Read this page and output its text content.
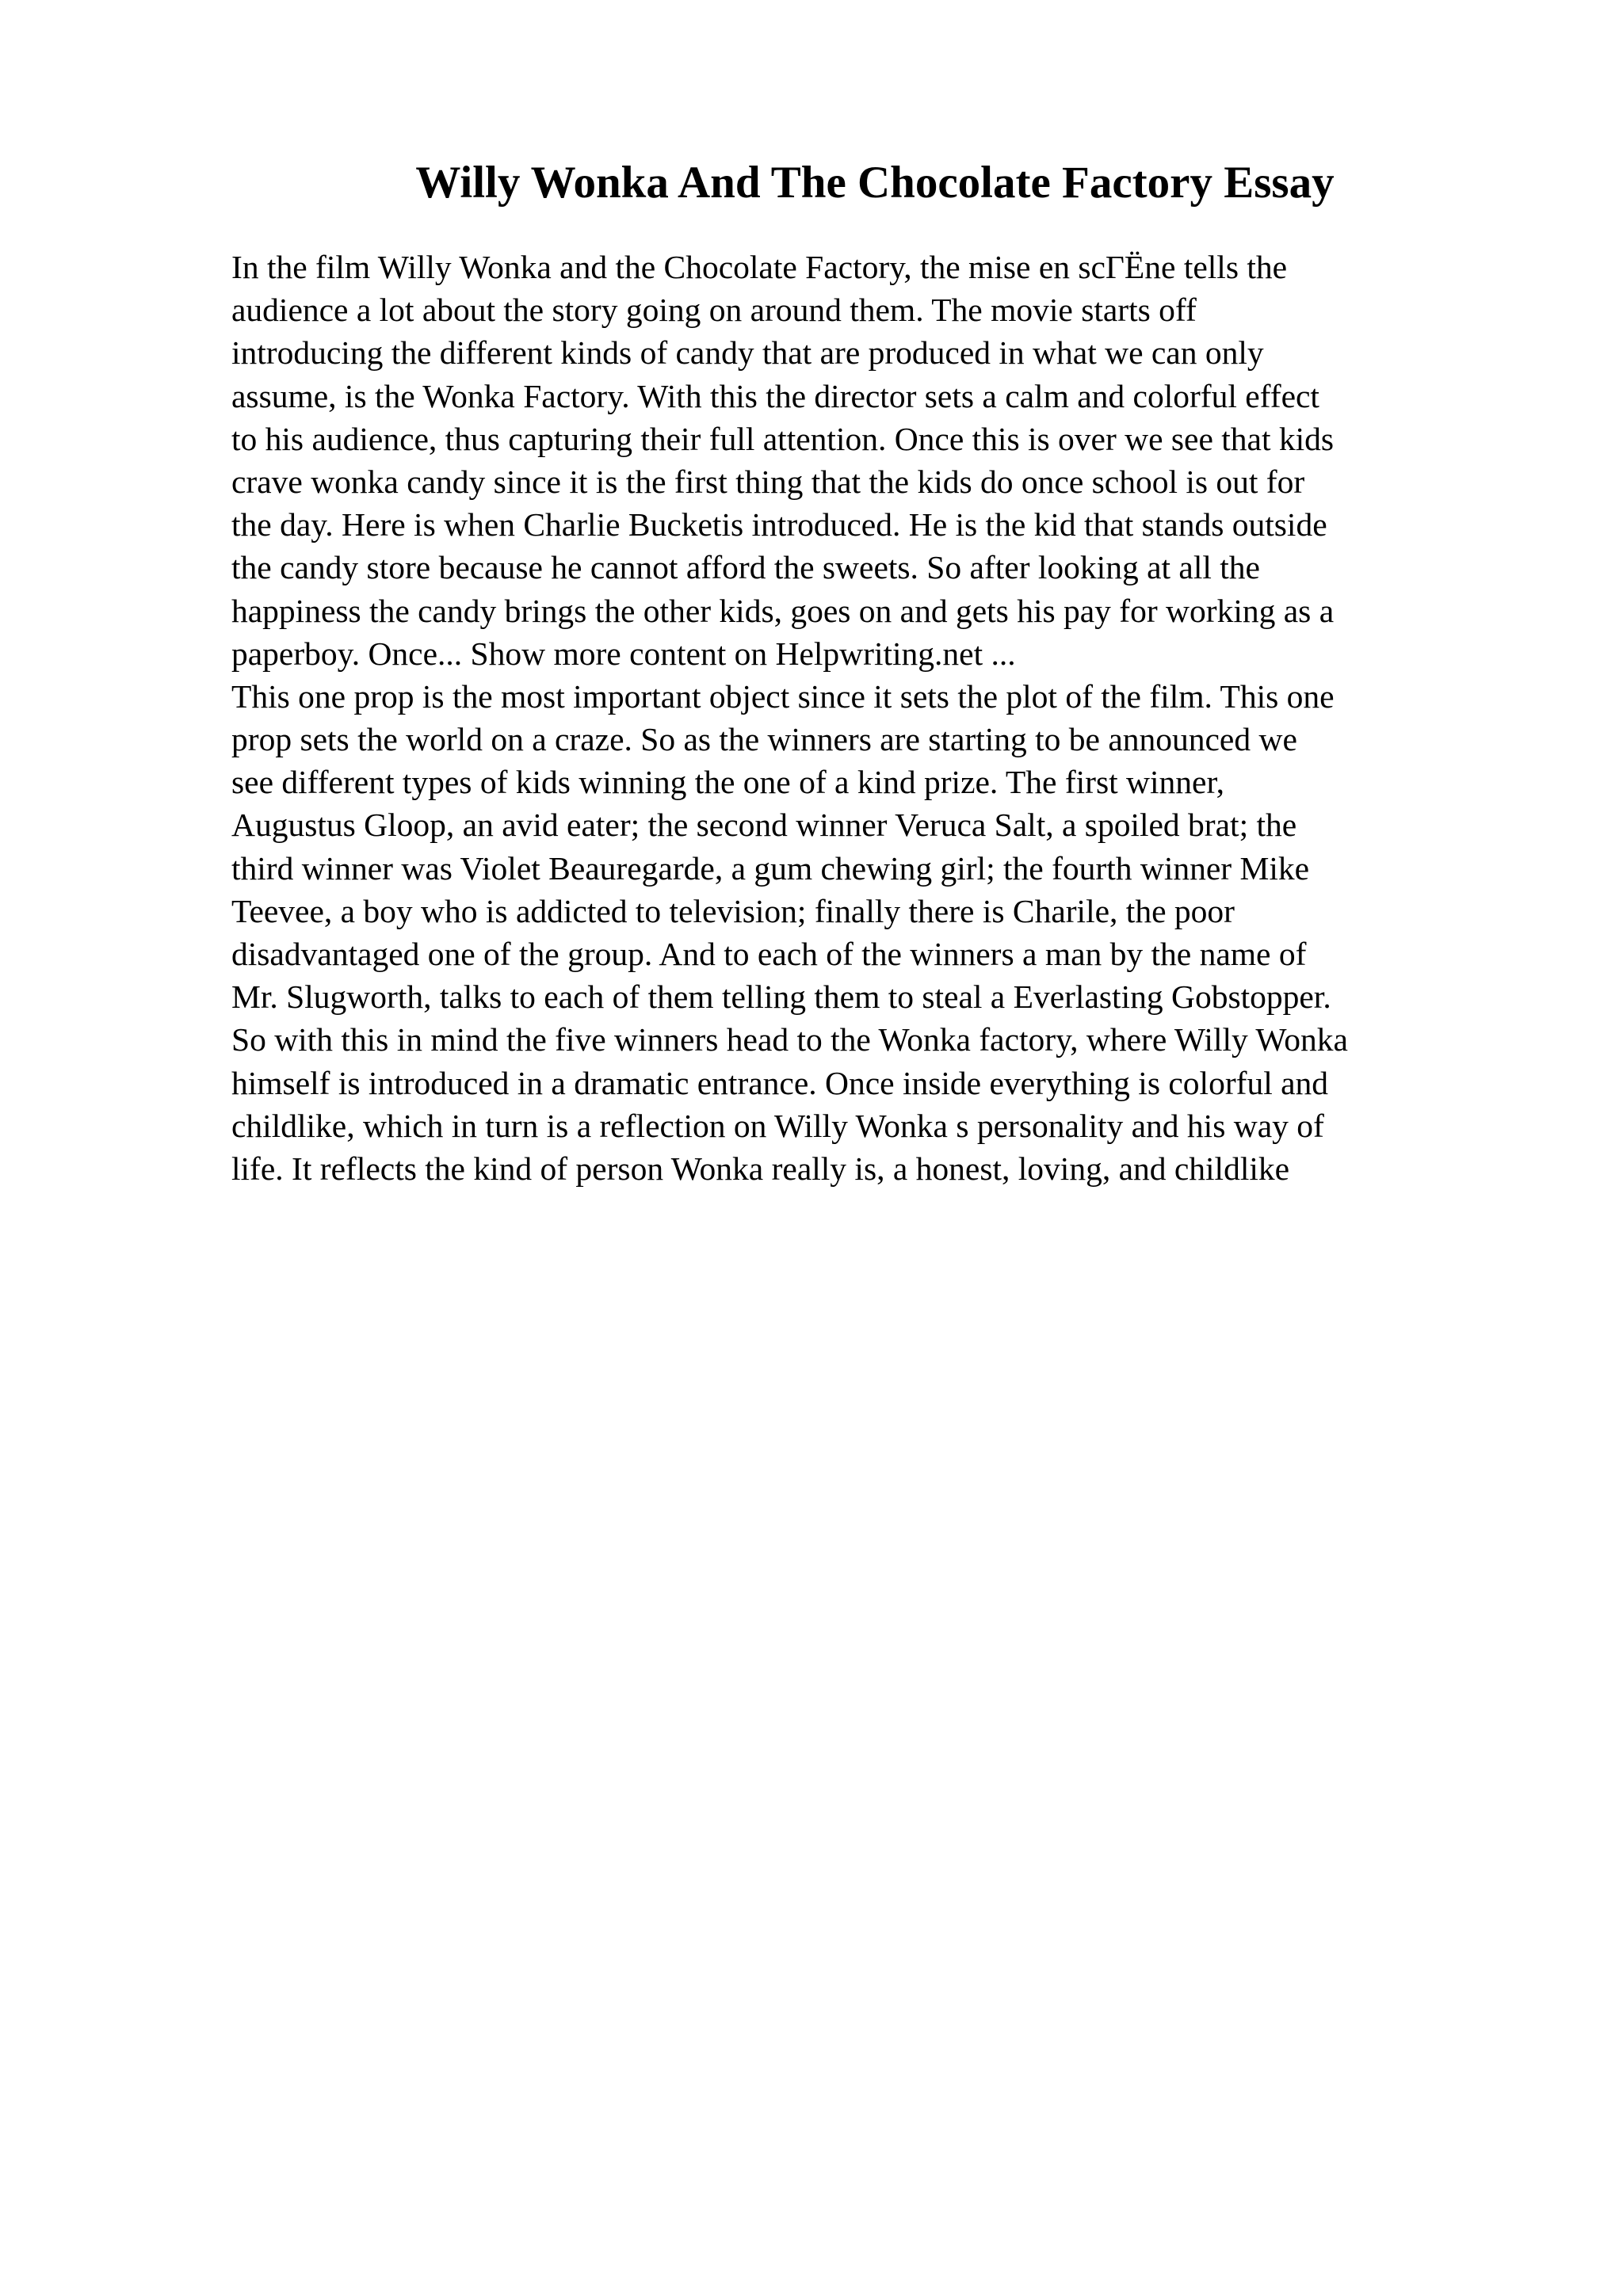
Willy Wonka And The Chocolate Factory Essay
In the film Willy Wonka and the Chocolate Factory, the mise en scΓËne tells the
audience a lot about the story going on around them. The movie starts off
introducing the different kinds of candy that are produced in what we can only
assume, is the Wonka Factory. With this the director sets a calm and colorful effect
to his audience, thus capturing their full attention. Once this is over we see that kids
crave wonka candy since it is the first thing that the kids do once school is out for
the day. Here is when Charlie Bucketis introduced. He is the kid that stands outside
the candy store because he cannot afford the sweets. So after looking at all the
happiness the candy brings the other kids, goes on and gets his pay for working as a
paperboy. Once... Show more content on Helpwriting.net ...
This one prop is the most important object since it sets the plot of the film. This one
prop sets the world on a craze. So as the winners are starting to be announced we
see different types of kids winning the one of a kind prize. The first winner,
Augustus Gloop, an avid eater; the second winner Veruca Salt, a spoiled brat; the
third winner was Violet Beauregarde, a gum chewing girl; the fourth winner Mike
Teevee, a boy who is addicted to television; finally there is Charile, the poor
disadvantaged one of the group. And to each of the winners a man by the name of
Mr. Slugworth, talks to each of them telling them to steal a Everlasting Gobstopper.
So with this in mind the five winners head to the Wonka factory, where Willy Wonka
himself is introduced in a dramatic entrance. Once inside everything is colorful and
childlike, which in turn is a reflection on Willy Wonka s personality and his way of
life. It reflects the kind of person Wonka really is, a honest, loving, and childlike
